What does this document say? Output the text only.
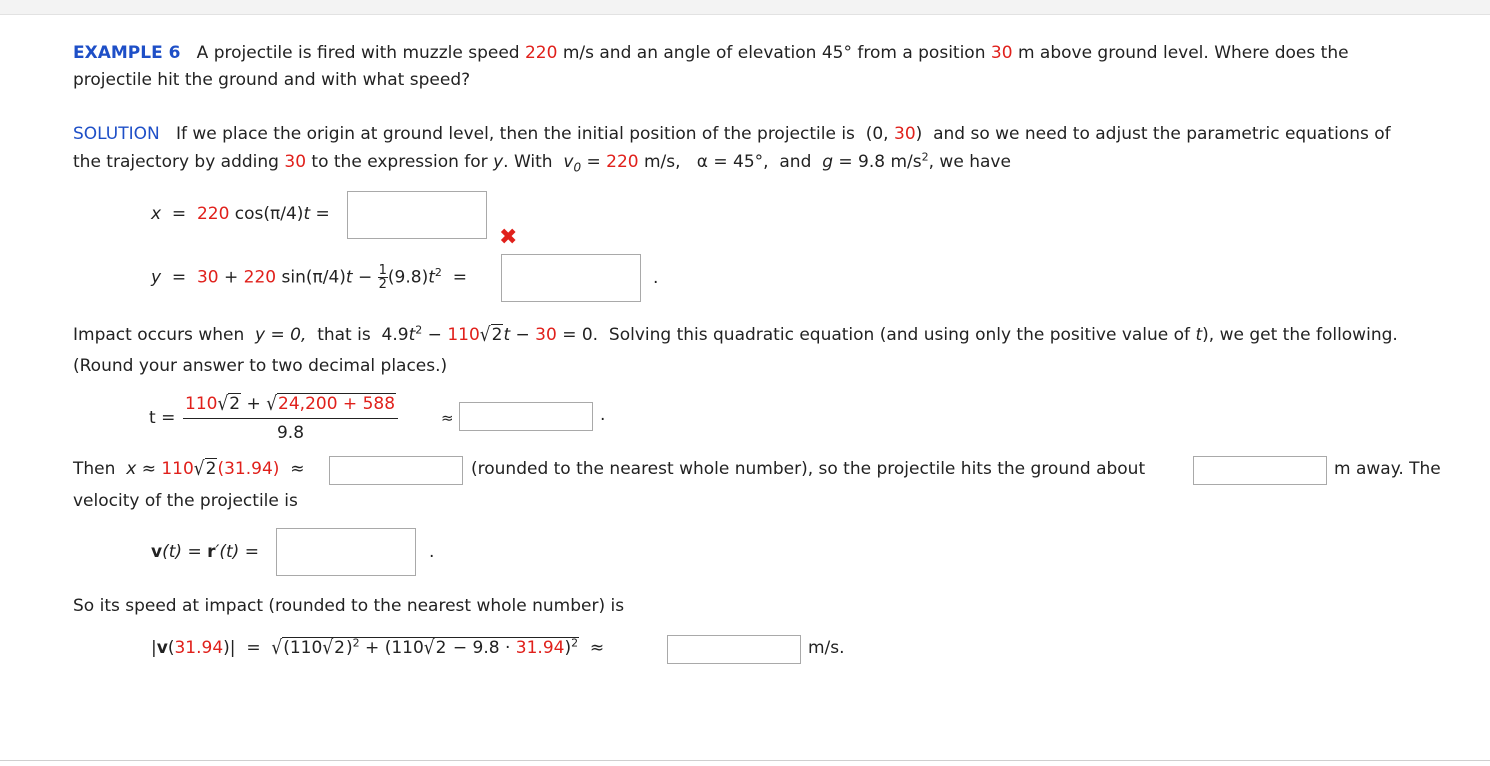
EXAMPLE 6 A projectile is fired with muzzle speed 220 m/s and an angle of elevation 45° from a position 30 m above ground level. Where does the
projectile hit the ground and with what speed?
SOLUTION If we place the origin at ground level, then the initial position of the projectile is (0, 30) and so we need to adjust the parametric equations of
the trajectory by adding 30 to the expression for y. With $v_0 = 220$ m/s, α = 45°, and g = 9.8 $m/s^2$, we have
x = 220 cos(π/4)t =
✖
y = 30 + 220 $\sin(\pi/4)t - \frac{1}{2} (9.8)t^2$ =	.
Impact occurs when y = 0, that is $4.9t^2 - 110√2t - 30 = 0$. Solving this quadratic equation (and using only the positive value of t), we get the following.
(Round your answer to two decimal places.)
$t = \frac{110√2 + √24,200 + 588}{9.8}$	≈	.
Then x ≈ 110√2(31.94) ≈	(rounded to the nearest whole number), so the projectile hits the ground about	m away. The
velocity of the projectile is
v(t) = r′(t) =	.
So its speed at impact (rounded to the nearest whole number) is
$|v(31.94)| = √(110√2)^2 + (110√2 - 9.8 \cdot 31.94)^2$ ≈	m/s.
